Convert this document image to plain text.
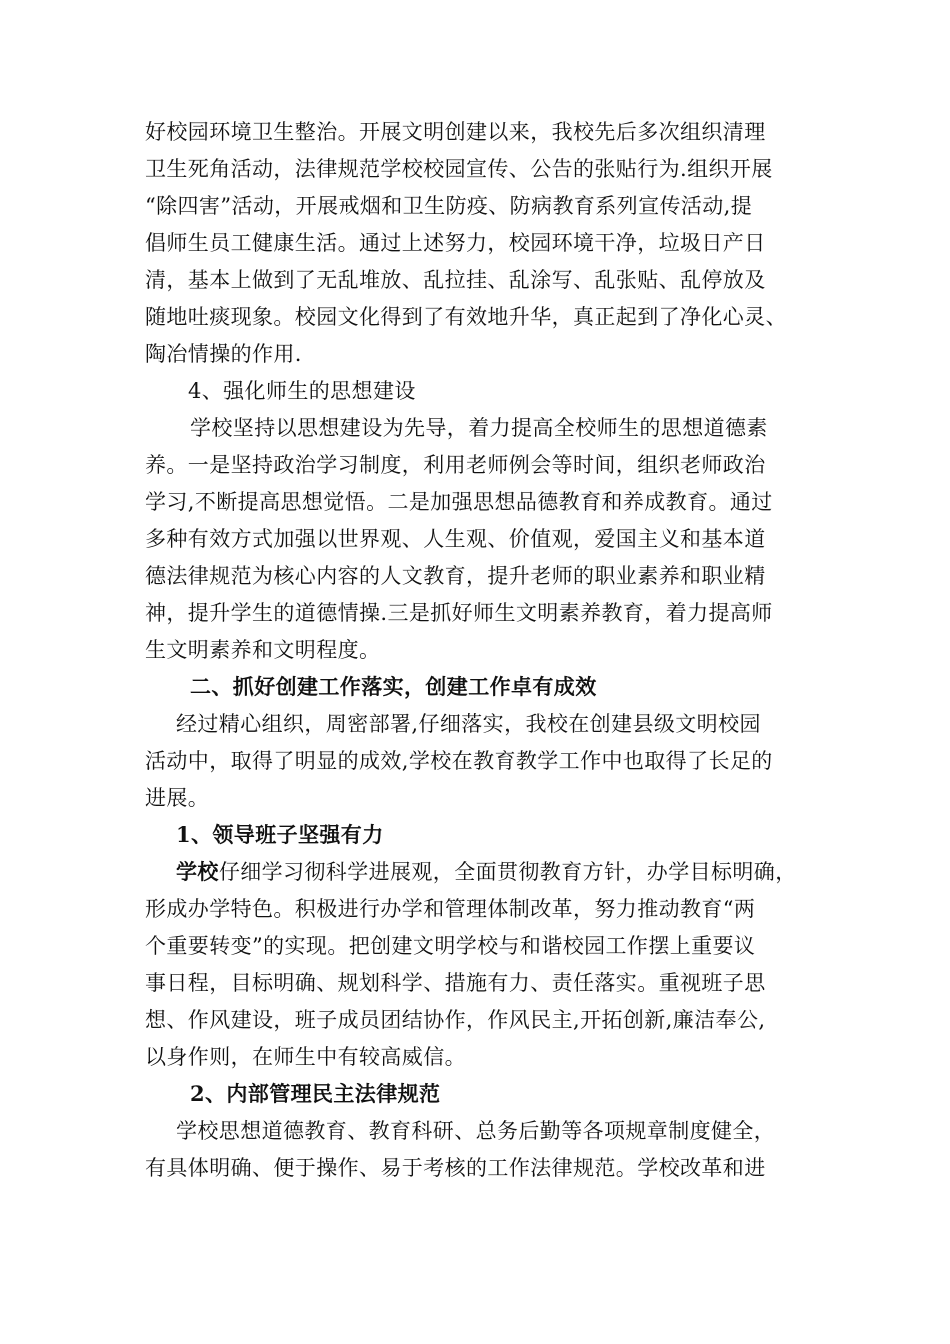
好校园环境卫生整治。开展文明创建以来，我校先后多次组织清理
卫生死角活动，法律规范学校校园宣传、公告的张贴行为.组织开展
“除四害”活动，开展戒烟和卫生防疫、防病教育系列宣传活动,提
倡师生员工健康生活。通过上述努力，校园环境干净，垃圾日产日
清，基本上做到了无乱堆放、乱拉挂、乱涂写、乱张贴、乱停放及
随地吐痰现象。校园文化得到了有效地升华，真正起到了净化心灵、
陶冶情操的作用.
4、强化师生的思想建设
学校坚持以思想建设为先导，着力提高全校师生的思想道德素
养。一是坚持政治学习制度，利用老师例会等时间，组织老师政治
学习,不断提高思想觉悟。二是加强思想品德教育和养成教育。通过
多种有效方式加强以世界观、人生观、价值观，爱国主义和基本道
德法律规范为核心内容的人文教育，提升老师的职业素养和职业精
神，提升学生的道德情操.三是抓好师生文明素养教育，着力提高师
生文明素养和文明程度。
二、抓好创建工作落实，创建工作卓有成效
经过精心组织，周密部署,仔细落实，我校在创建县级文明校园
活动中，取得了明显的成效,学校在教育教学工作中也取得了长足的
进展。
1、领导班子坚强有力
学校仔细学习彻科学进展观，全面贯彻教育方针，办学目标明确，
形成办学特色。积极进行办学和管理体制改革，努力推动教育“两
个重要转变”的实现。把创建文明学校与和谐校园工作摆上重要议
事日程，目标明确、规划科学、措施有力、责任落实。重视班子思
想、作风建设，班子成员团结协作，作风民主,开拓创新,廉洁奉公,
以身作则，在师生中有较高威信。
2、内部管理民主法律规范
学校思想道德教育、教育科研、总务后勤等各项规章制度健全，
有具体明确、便于操作、易于考核的工作法律规范。学校改革和进
